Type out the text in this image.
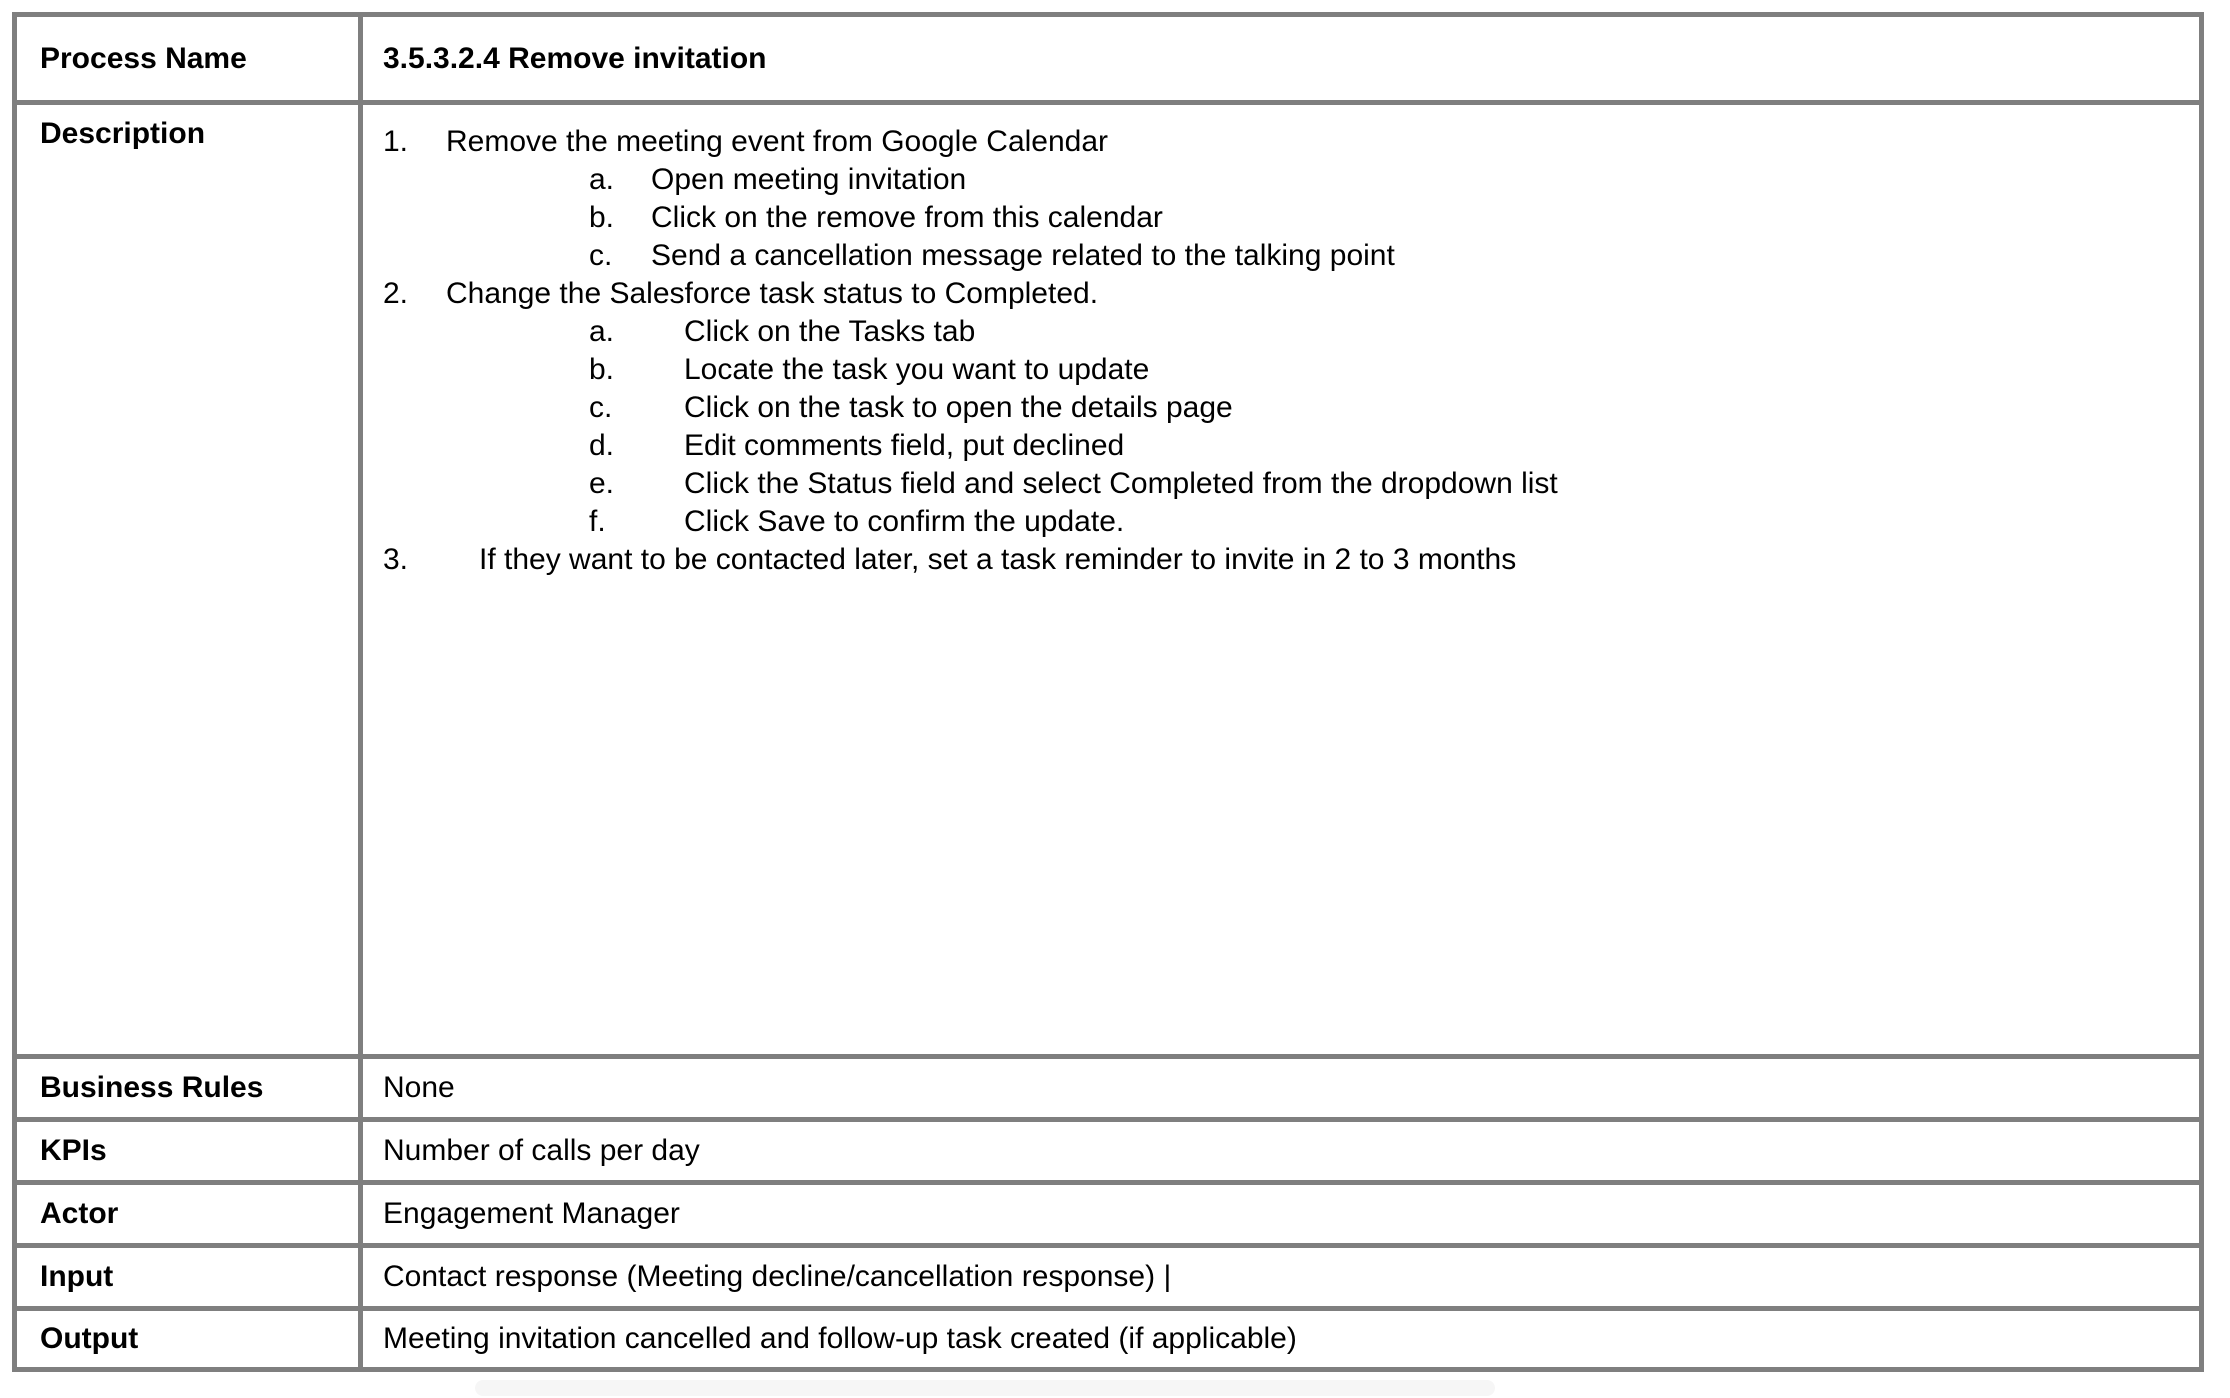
Process Name	3.5.3.2.4 Remove invitation
Description	1. Remove the meeting event from Google Calendar
a. Open meeting invitation
b. Click on the remove from this calendar
c. Send a cancellation message related to the talking point
2. Change the Salesforce task status to Completed.
a. Click on the Tasks tab
b. Locate the task you want to update
c. Click on the task to open the details page
d. Edit comments field, put declined
e. Click the Status field and select Completed from the dropdown list
f.	Click Save to confirm the update.
3. If they want to be contacted later, set a task reminder to invite in 2 to 3 months
Business Rules	None
KPIs	Number of calls per day
Actor	Engagement Manager
Input	Contact response (Meeting decline/cancellation response) |
Output	Meeting invitation cancelled and follow-up task created (if applicable)
